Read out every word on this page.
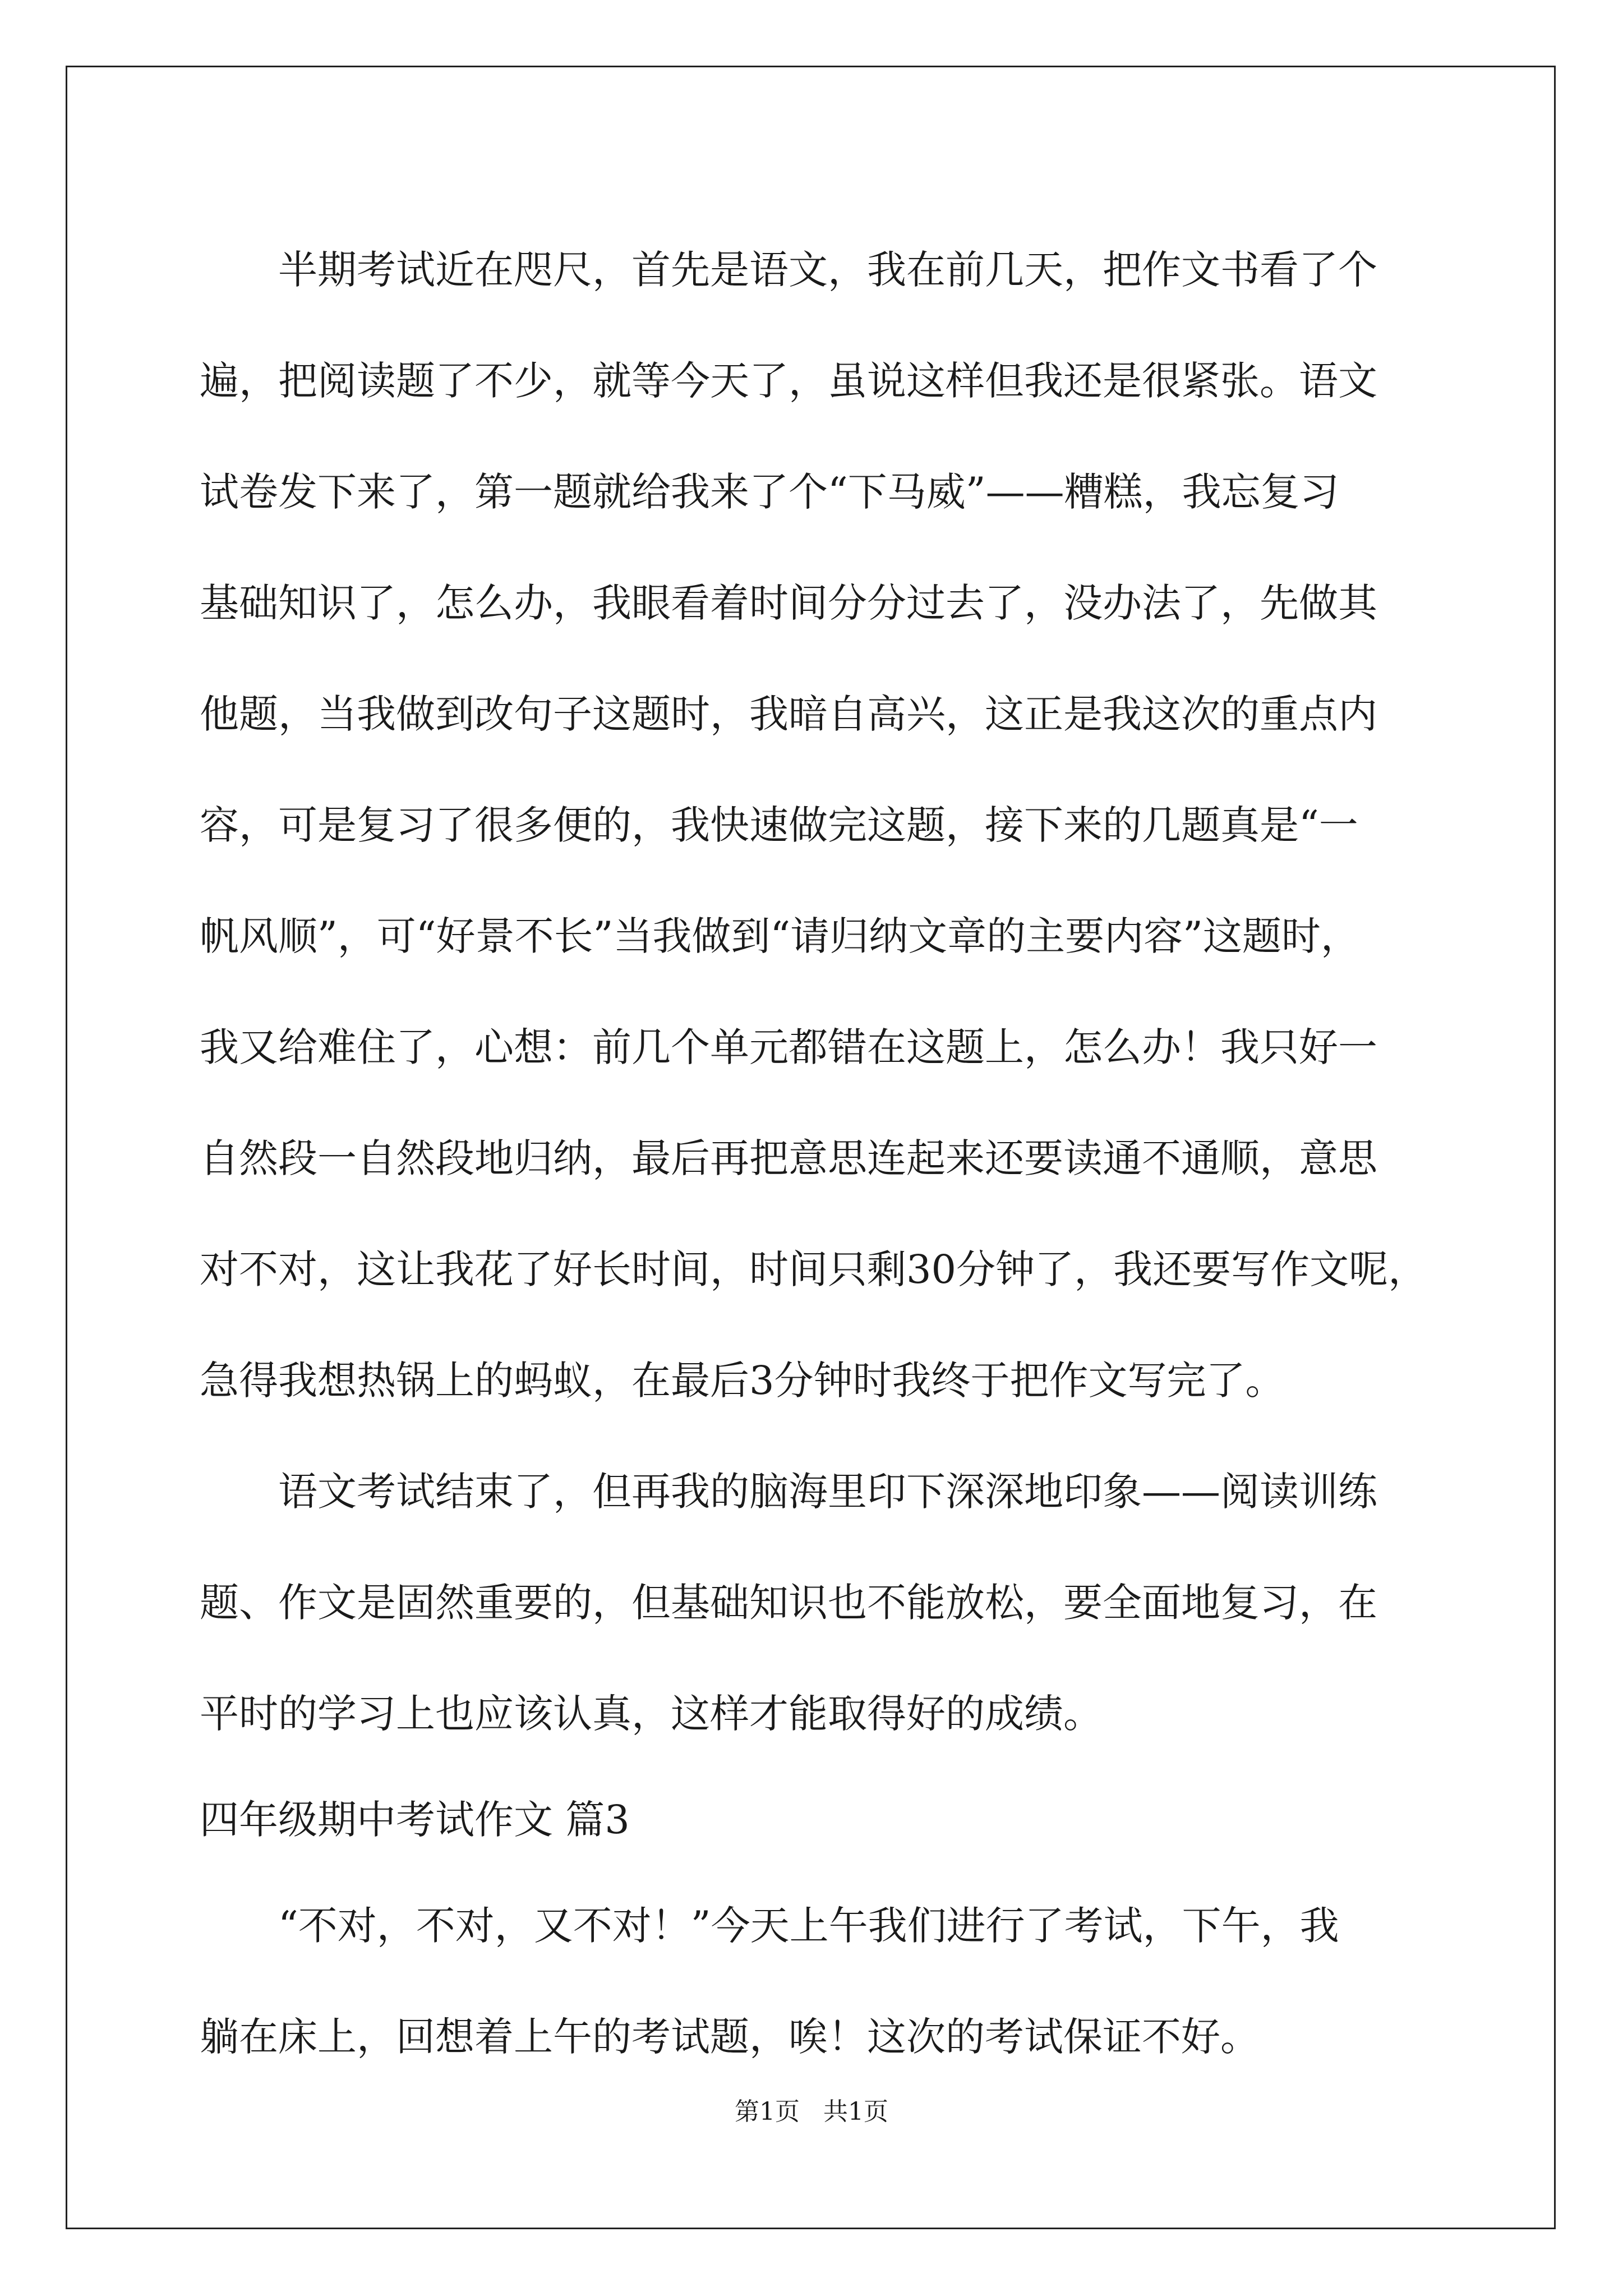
半期考试近在咫尺，首先是语文，我在前几天，把作文书看了个
遍，把阅读题了不少，就等今天了，虽说这样但我还是很紧张。语文
试卷发下来了，第一题就给我来了个“下马威”——糟糕，我忘复习
基础知识了，怎么办，我眼看着时间分分过去了，没办法了，先做其
他题，当我做到改句子这题时，我暗自高兴，这正是我这次的重点内
容，可是复习了很多便的，我快速做完这题，接下来的几题真是“一
帆风顺”，可“好景不长”当我做到“请归纳文章的主要内容”这题时，
我又给难住了，心想：前几个单元都错在这题上，怎么办！我只好一
自然段一自然段地归纳，最后再把意思连起来还要读通不通顺，意思
对不对，这让我花了好长时间，时间只剩30分钟了，我还要写作文呢，
急得我想热锅上的蚂蚁，在最后3分钟时我终于把作文写完了。
语文考试结束了，但再我的脑海里印下深深地印象——阅读训练
题、作文是固然重要的，但基础知识也不能放松，要全面地复习，在
平时的学习上也应该认真，这样才能取得好的成绩。
四年级期中考试作文 篇3
“不对，不对，又不对！”今天上午我们进行了考试，下午，我
躺在床上，回想着上午的考试题，唉！这次的考试保证不好。
第1页   共1页
